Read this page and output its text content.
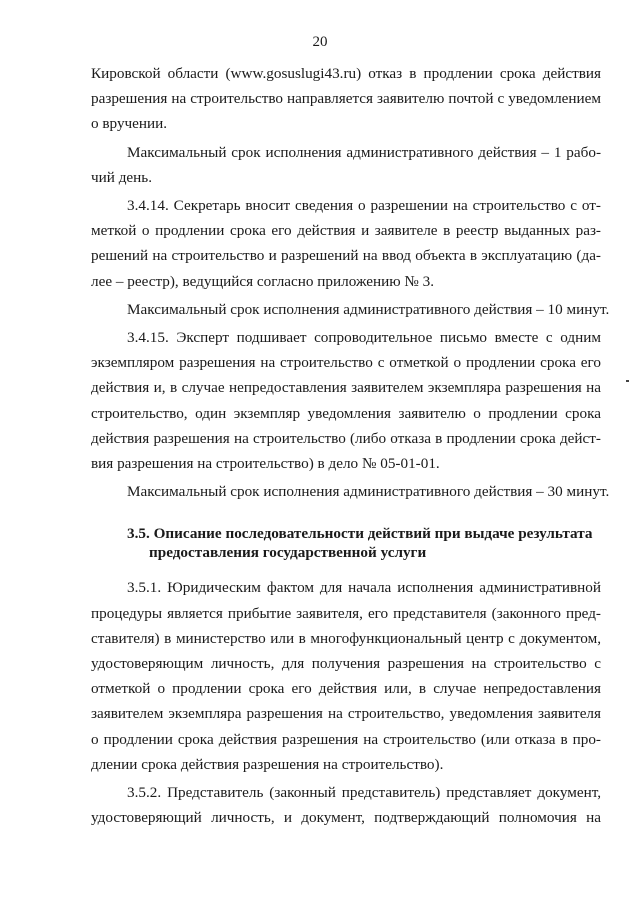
20
Кировской области (www.gosuslugi43.ru) отказ в продлении срока действия
разрешения на строительство направляется заявителю почтой с уведомлением
о вручении.
Максимальный срок исполнения административного действия – 1 рабо-
чий день.
3.4.14. Секретарь вносит сведения о разрешении на строительство с от-
меткой о продлении срока его действия и заявителе в реестр выданных раз-
решений на строительство и разрешений на ввод объекта в эксплуатацию (да-
лее – реестр), ведущийся согласно приложению № 3.
Максимальный срок исполнения административного действия – 10 минут.
3.4.15. Эксперт подшивает сопроводительное письмо вместе с одним
экземпляром разрешения на строительство с отметкой о продлении срока его
действия и, в случае непредоставления заявителем экземпляра разрешения на
строительство, один экземпляр уведомления заявителю о продлении срока
действия разрешения на строительство (либо отказа в продлении срока дейст-
вия разрешения на строительство) в дело № 05-01-01.
Максимальный срок исполнения административного действия – 30 минут.
3.5. Описание последовательности действий при выдаче результата
предоставления государственной услуги
3.5.1. Юридическим фактом для начала исполнения административной
процедуры является прибытие заявителя, его представителя (законного пред-
ставителя) в министерство или в многофункциональный центр с документом,
удостоверяющим личность, для получения разрешения на строительство с
отметкой о продлении срока его действия или, в случае непредоставления
заявителем экземпляра разрешения на строительство, уведомления заявителя
о продлении срока действия разрешения на строительство (или отказа в про-
длении срока действия разрешения на строительство).
3.5.2. Представитель (законный представитель) представляет документ,
удостоверяющий личность, и документ, подтверждающий полномочия на
